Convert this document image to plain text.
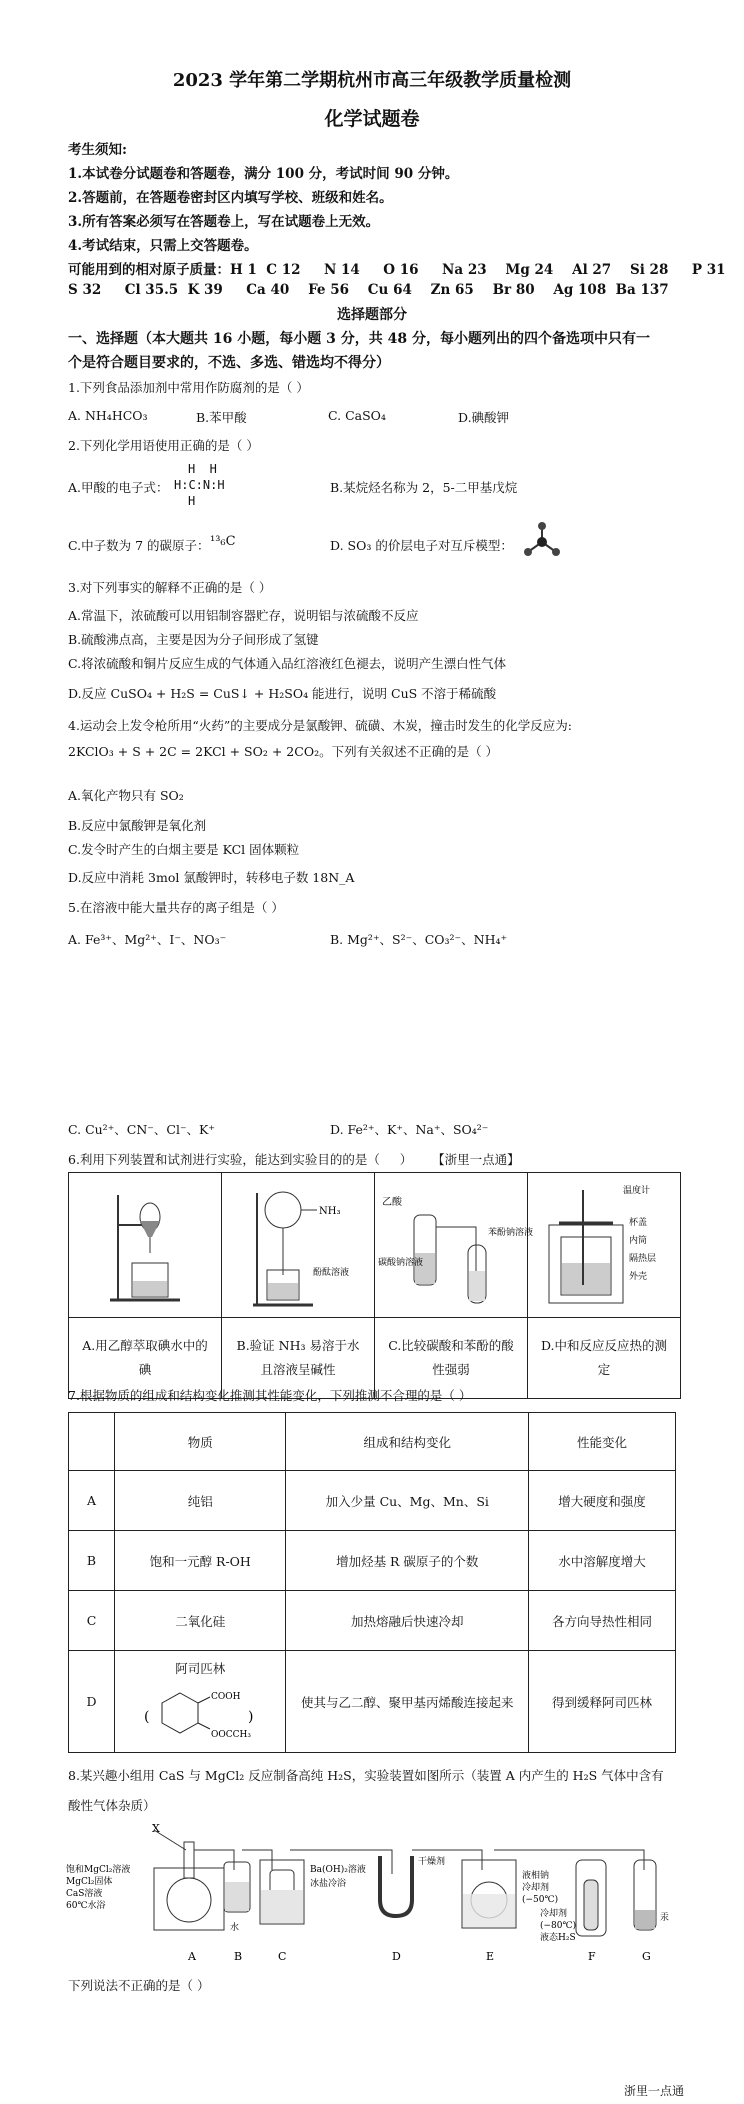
2023 学年第二学期杭州市高三年级教学质量检测
化学试题卷
考生须知:
1.本试卷分试题卷和答题卷，满分 100 分，考试时间 90 分钟。
2.答题前，在答题卷密封区内填写学校、班级和姓名。
3.所有答案必须写在答题卷上，写在试题卷上无效。
4.考试结束，只需上交答题卷。
可能用到的相对原子质量：H 1  C 12     N 14     O 16     Na 23    Mg 24    Al 27    Si 28     P 31
S 32     Cl 35.5  K 39     Ca 40    Fe 56    Cu 64    Zn 65    Br 80    Ag 108  Ba 137
选择题部分
一、选择题（本大题共 16 小题，每小题 3 分，共 48 分，每小题列出的四个备选项中只有一
个是符合题目要求的，不选、多选、错选均不得分）
1.下列食品添加剂中常用作防腐剂的是（ ）
A. NH₄HCO₃	B.苯甲酸	C. CaSO₄	D.碘酸钾
2.下列化学用语使用正确的是（ ）
A.甲酸的电子式：
H  H
H:C:N:H
H
B.某烷烃名称为 2，5-二甲基戊烷
C.中子数为 7 的碳原子： ¹³₆C	D. SO₃ 的价层电子对互斥模型：
3.对下列事实的解释不正确的是（ ）
A.常温下，浓硫酸可以用铝制容器贮存，说明铝与浓硫酸不反应
B.硫酸沸点高，主要是因为分子间形成了氢键
C.将浓硫酸和铜片反应生成的气体通入品红溶液红色褪去，说明产生漂白性气体
D.反应 CuSO₄ + H₂S = CuS↓ + H₂SO₄ 能进行，说明 CuS 不溶于稀硫酸
4.运动会上发令枪所用“火药”的主要成分是氯酸钾、硫磺、木炭，撞击时发生的化学反应为:
2KClO₃ + S + 2C = 2KCl + SO₂ + 2CO₂。下列有关叙述不正确的是（ ）
A.氧化产物只有 SO₂
B.反应中氯酸钾是氧化剂
C.发令时产生的白烟主要是 KCl 固体颗粒
D.反应中消耗 3mol 氯酸钾时，转移电子数 18N_A
5.在溶液中能大量共存的离子组是（ ）
A. Fe³⁺、Mg²⁺、I⁻、NO₃⁻	B. Mg²⁺、S²⁻、CO₃²⁻、NH₄⁺
C. Cu²⁺、CN⁻、Cl⁻、K⁺	D. Fe²⁺、K⁺、Na⁺、SO₄²⁻
6.利用下列装置和试剂进行实验，能达到实验目的的是（     ）     【浙里一点通】

NH₃
酚酞溶液	乙酸
碳酸钠溶液
苯酚钠溶液	温度计
杯盖
内筒
隔热层
外壳

A.用乙醇萃取碘水中的碘	B.验证 NH₃ 易溶于水且溶液呈碱性	C.比较碳酸和苯酚的酸性强弱	D.中和反应反应热的测定
7.根据物质的组成和结构变化推测其性能变化，下列推测不合理的是（ ）
	物质	组成和结构变化	性能变化
A	纯铝	加入少量 Cu、Mg、Mn、Si	增大硬度和强度
B	饱和一元醇 R-OH	增加烃基 R 碳原子的个数	水中溶解度增大
C	二氧化硅	加热熔融后快速冷却	各方向导热性相同
D	阿司匹林
(
COOH
OOCCH₃
)	使其与乙二醇、聚甲基丙烯酸连接起来	得到缓释阿司匹林
8.某兴趣小组用 CaS 与 MgCl₂ 反应制备高纯 H₂S，实验装置如图所示（装置 A 内产生的 H₂S 气体中含有
酸性气体杂质）
X
饱和MgCl₂溶液
MgCl₂固体
CaS溶液
60℃水浴
水
Ba(OH)₂溶液
冰盐冷浴
干燥剂
液相钠
冷却剂
(−50℃)
冷却剂
(−80℃)
液态H₂S
汞
A	B	C	D	E	F	G
下列说法不正确的是（ ）
浙里一点通
